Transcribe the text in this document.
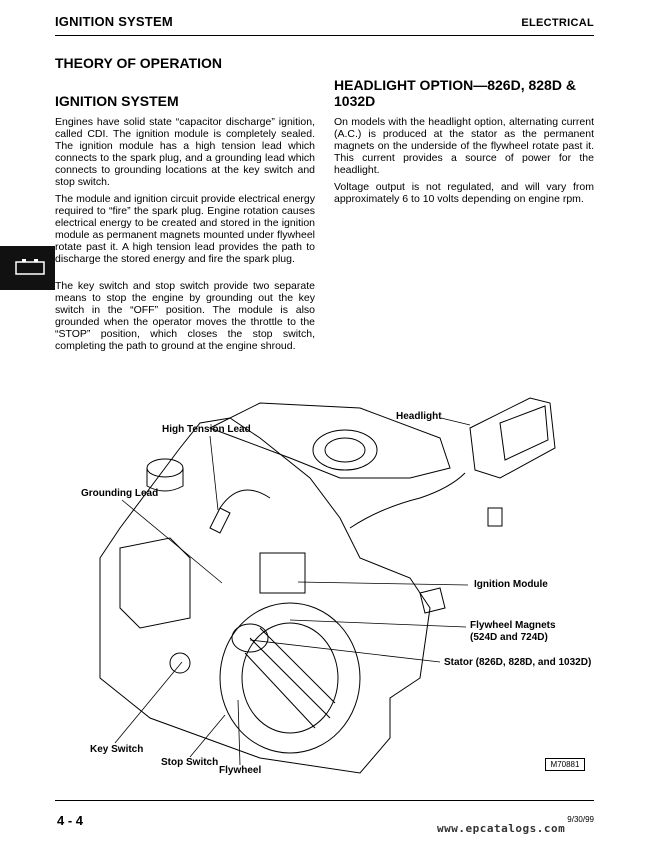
IGNITION SYSTEM	ELECTRICAL
THEORY OF OPERATION
IGNITION SYSTEM
Engines have solid state “capacitor discharge” ignition, called CDI. The ignition module is completely sealed. The ignition module has a high tension lead which connects to the spark plug, and a grounding lead which connects to grounding locations at the key switch and stop switch.
The module and ignition circuit provide electrical energy required to “fire” the spark plug. Engine rotation causes electrical energy to be created and stored in the ignition module as permanent magnets mounted under flywheel rotate past it. A high tension lead provides the path to discharge the stored energy and fire the spark plug.
The key switch and stop switch provide two separate means to stop the engine by grounding out the key switch in the “OFF” position. The module is also grounded when the operator moves the throttle to the “STOP” position, which closes the stop switch, completing the path to ground at the engine shroud.
HEADLIGHT OPTION—826D, 828D & 1032D
On models with the headlight option, alternating current (A.C.) is produced at the stator as the permanent magnets on the underside of the flywheel rotate past it. This current provides a source of power for the headlight.
Voltage output is not regulated, and will vary from approximately 6 to 10 volts depending on engine rpm.
Headlight
High Tension Lead
Grounding Lead
Ignition Module
Flywheel Magnets
(524D and 724D)
Stator (826D, 828D, and 1032D)
Key Switch
Stop Switch
Flywheel
M70881
4 - 4	9/30/99
www.epcatalogs.com
